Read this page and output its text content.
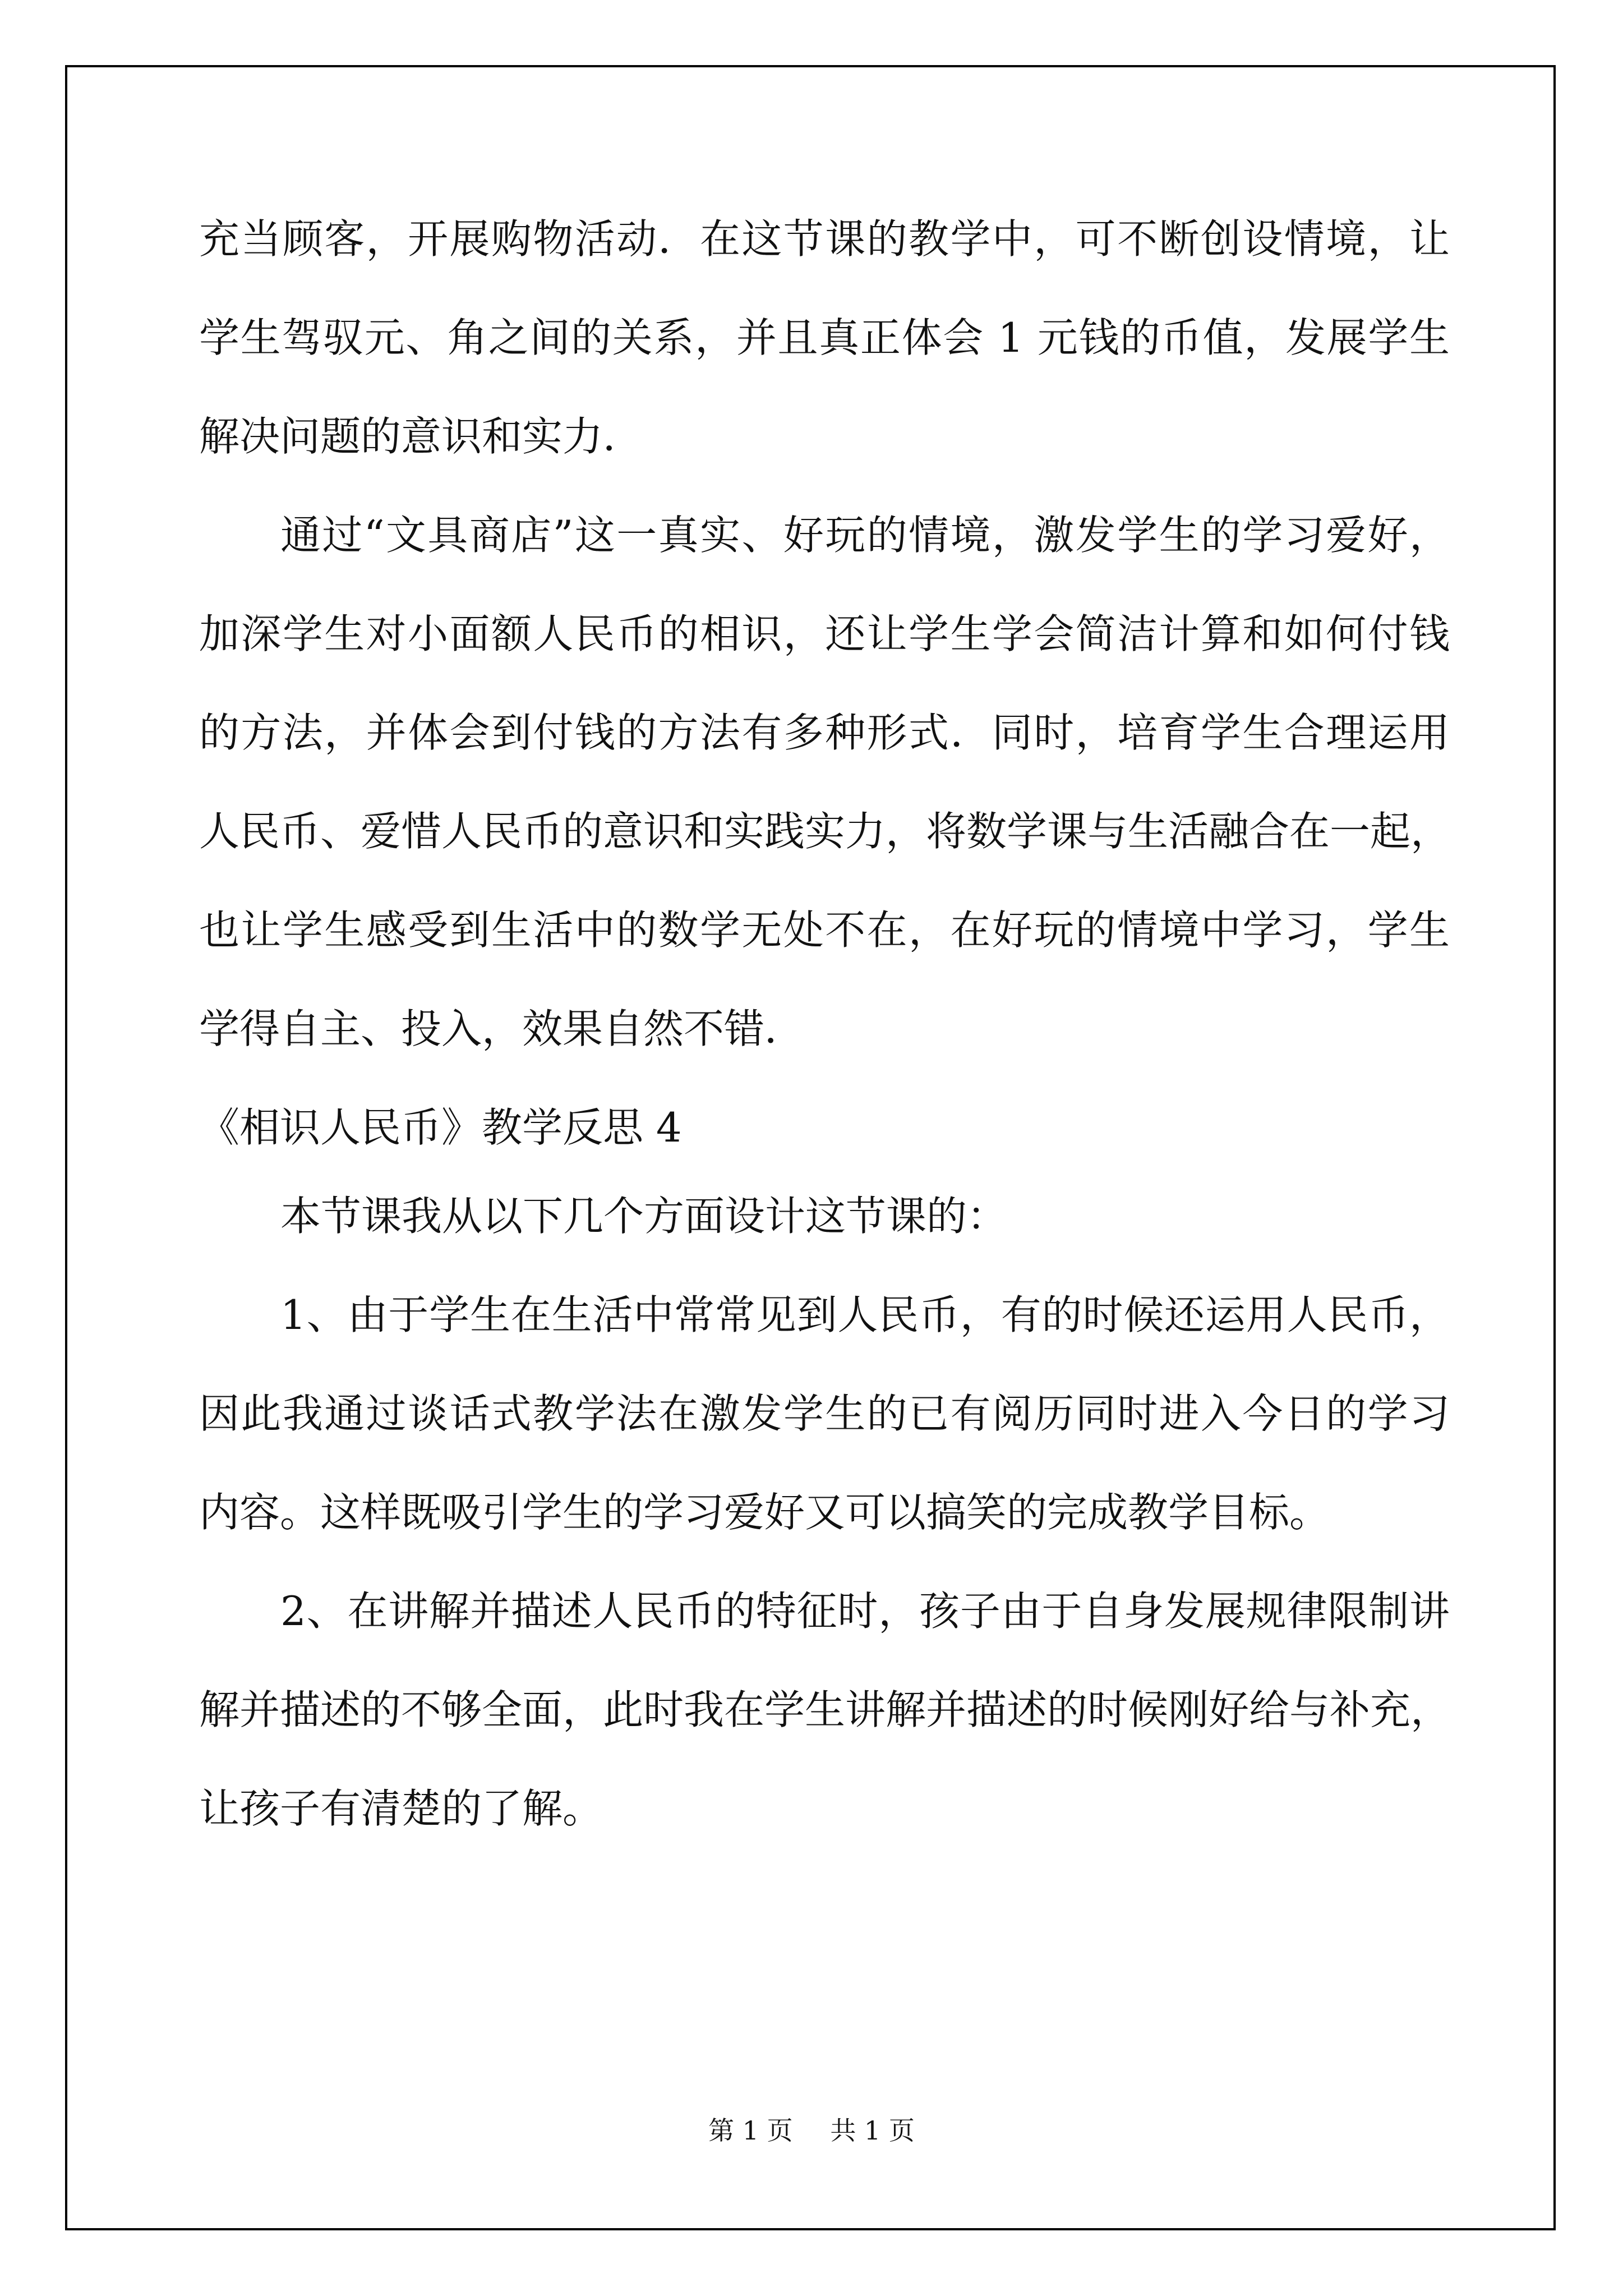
充当顾客，开展购物活动．在这节课的教学中，可不断创设情境，让
学生驾驭元、角之间的关系，并且真正体会 1 元钱的币值，发展学生
解决问题的意识和实力．
通过“文具商店”这一真实、好玩的情境，激发学生的学习爱好，
加深学生对小面额人民币的相识，还让学生学会简洁计算和如何付钱
的方法，并体会到付钱的方法有多种形式．同时，培育学生合理运用
人民币、爱惜人民币的意识和实践实力，将数学课与生活融合在一起，
也让学生感受到生活中的数学无处不在，在好玩的情境中学习，学生
学得自主、投入，效果自然不错．
《相识人民币》教学反思 4
本节课我从以下几个方面设计这节课的：
1、由于学生在生活中常常见到人民币，有的时候还运用人民币，
因此我通过谈话式教学法在激发学生的已有阅历同时进入今日的学习
内容。这样既吸引学生的学习爱好又可以搞笑的完成教学目标。
2、在讲解并描述人民币的特征时，孩子由于自身发展规律限制讲
解并描述的不够全面，此时我在学生讲解并描述的时候刚好给与补充，
让孩子有清楚的了解。
第 1 页 共 1 页
